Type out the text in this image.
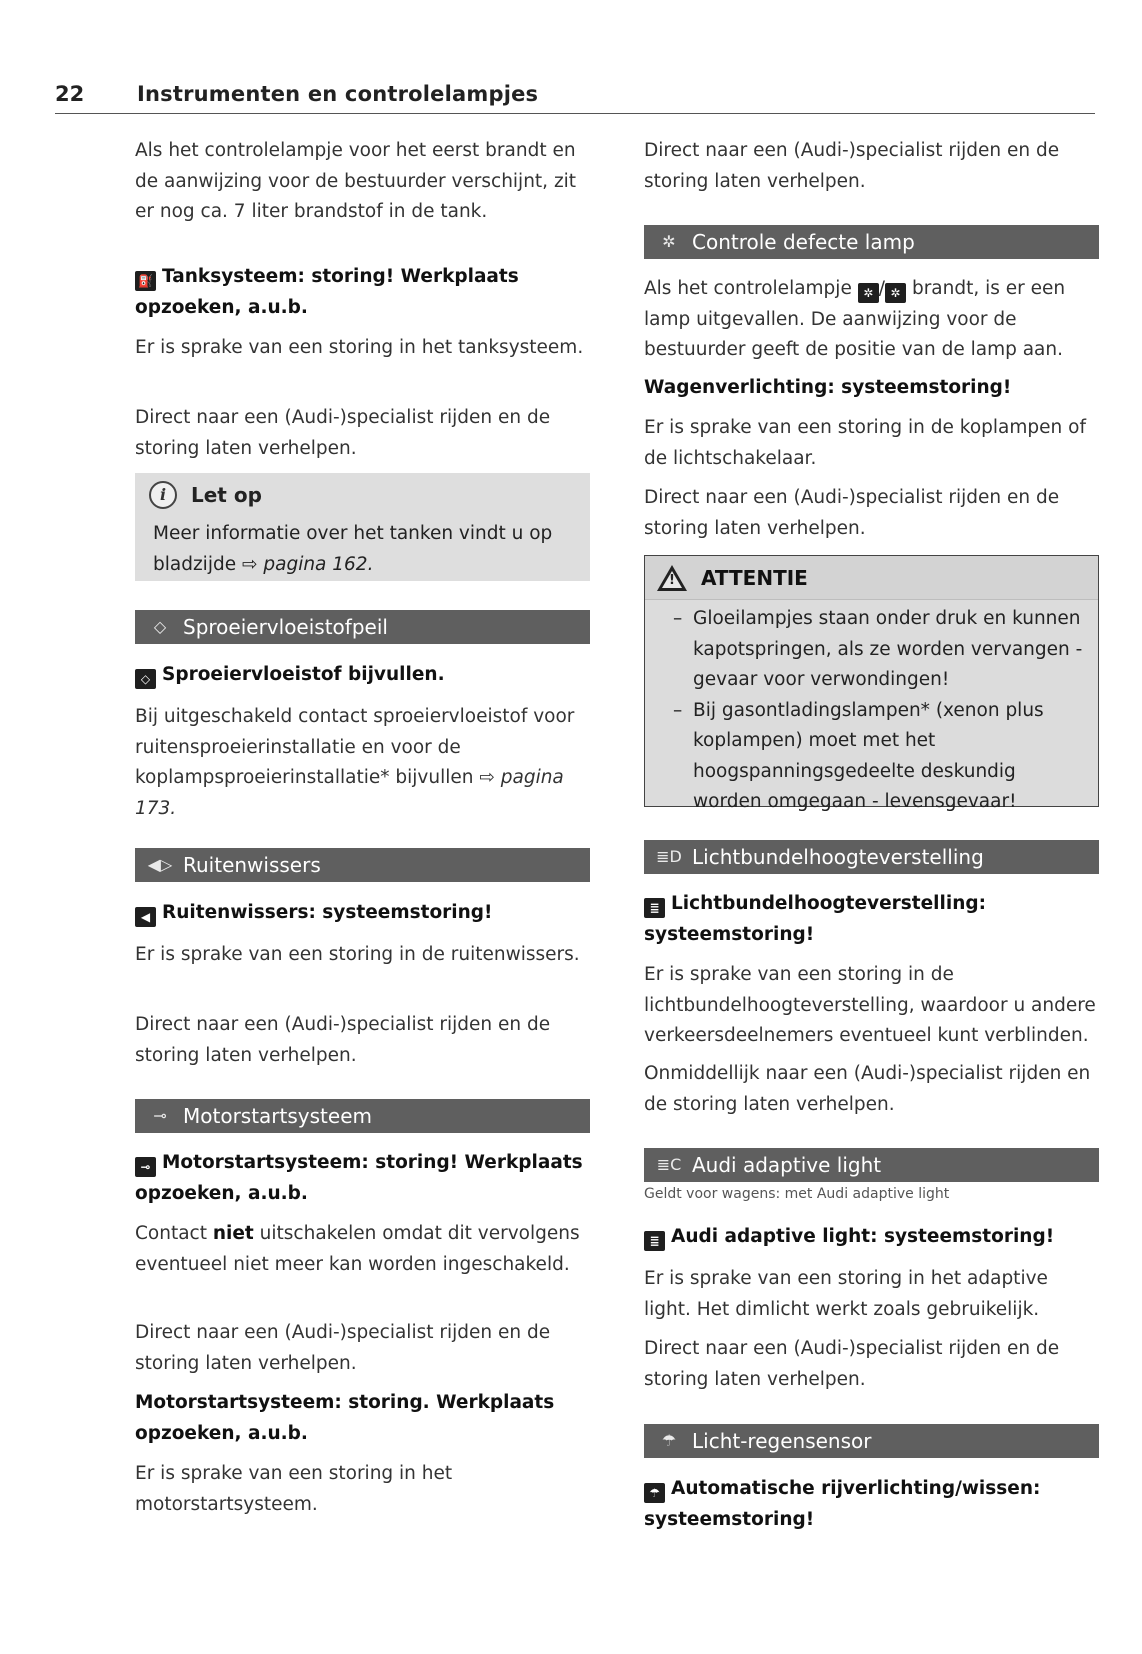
22	Instrumenten en controlelampjes

Als het controlelampje voor het eerst brandt en de aanwijzing voor de bestuurder verschijnt, zit er nog ca. 7 liter brandstof in de tank.

⛽ Tanksysteem: storing! Werkplaats opzoeken, a.u.b.

Er is sprake van een storing in het tanksysteem.

Direct naar een (Audi-)specialist rijden en de storing laten verhelpen.

i	Let op
Meer informatie over het tanken vindt u op bladzijde ⇨ pagina 162.
◇ Sproeiervloeistofpeil

◇ Sproeiervloeistof bijvullen.

Bij uitgeschakeld contact sproeiervloeistof voor ruitensproeierinstallatie en voor de koplampsproeierinstallatie* bijvullen ⇨ pagina 173.

◀▷ Ruitenwissers

◀ Ruitenwissers: systeemstoring!

Er is sprake van een storing in de ruitenwissers.

Direct naar een (Audi-)specialist rijden en de storing laten verhelpen.

⊸ Motorstartsysteem

⊸ Motorstartsysteem: storing! Werkplaats opzoeken, a.u.b.

Contact niet uitschakelen omdat dit vervolgens eventueel niet meer kan worden ingeschakeld.

Direct naar een (Audi-)specialist rijden en de storing laten verhelpen.

Motorstartsysteem: storing. Werkplaats opzoeken, a.u.b.

Er is sprake van een storing in het motorstartsysteem.

Direct naar een (Audi-)specialist rijden en de storing laten verhelpen.

✲ Controle defecte lamp

Als het controlelampje ✲ / ✲ brandt, is er een lamp uitgevallen. De aanwijzing voor de bestuurder geeft de positie van de lamp aan.

Wagenverlichting: systeemstoring!

Er is sprake van een storing in de koplampen of de lichtschakelaar.

Direct naar een (Audi-)specialist rijden en de storing laten verhelpen.

! ATTENTIE
– Gloeilampjes staan onder druk en kunnen kapotspringen, als ze worden vervangen - gevaar voor verwondingen!
– Bij gasontladingslampen* (xenon plus koplampen) moet met het hoogspanningsgedeelte deskundig worden omgegaan - levensgevaar!
≣D Lichtbundelhoogteverstelling

≣ Lichtbundelhoogteverstelling: systeemstoring!

Er is sprake van een storing in de lichtbundelhoogteverstelling, waardoor u andere verkeersdeelnemers eventueel kunt verblinden.

Onmiddellijk naar een (Audi-)specialist rijden en de storing laten verhelpen.

≣C Audi adaptive light

Geldt voor wagens: met Audi adaptive light

≣ Audi adaptive light: systeemstoring!

Er is sprake van een storing in het adaptive light. Het dimlicht werkt zoals gebruikelijk.

Direct naar een (Audi-)specialist rijden en de storing laten verhelpen.

☂ Licht-regensensor

☂ Automatische rijverlichting/wissen: systeemstoring!
